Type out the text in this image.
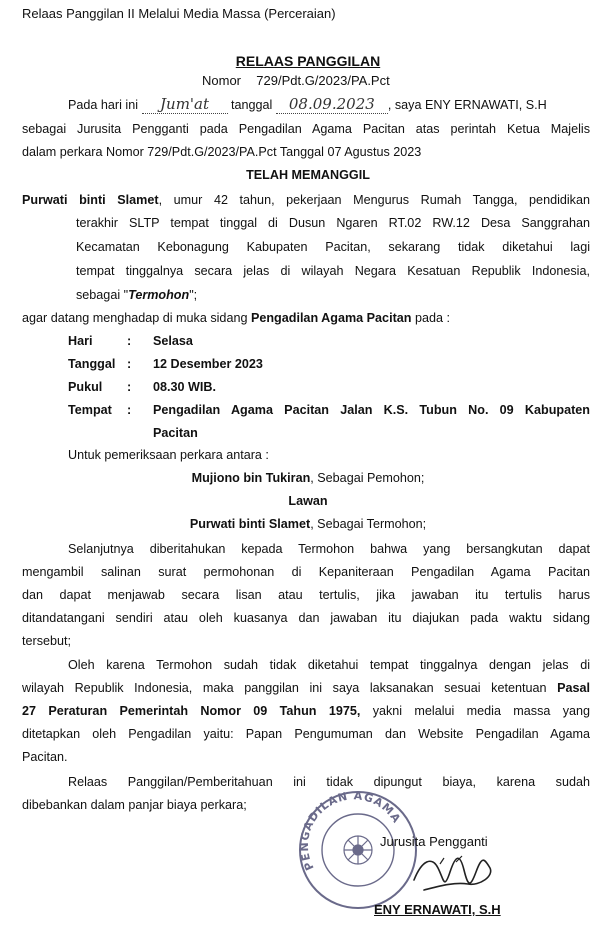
Relaas Panggilan II Melalui Media Massa (Perceraian)
RELAAS PANGGILAN
Nomor 729/Pdt.G/2023/PA.Pct
Pada hari ini Jum'at tanggal 08.09.2023 , saya ENY ERNAWATI, S.H
sebagai Jurusita Pengganti pada Pengadilan Agama Pacitan atas perintah Ketua Majelis
dalam perkara Nomor 729/Pdt.G/2023/PA.Pct Tanggal 07 Agustus 2023
TELAH MEMANGGIL
Purwati binti Slamet, umur 42 tahun, pekerjaan Mengurus Rumah Tangga, pendidikan
terakhir SLTP tempat tinggal di Dusun Ngaren RT.02 RW.12 Desa Sanggrahan
Kecamatan Kebonagung Kabupaten Pacitan, sekarang tidak diketahui lagi
tempat tinggalnya secara jelas di wilayah Negara Kesatuan Republik Indonesia,
sebagai "Termohon";
agar datang menghadap di muka sidang Pengadilan Agama Pacitan pada :
Hari	: Selasa
Tanggal : 12 Desember 2023
Pukul : 08.30 WIB.
Tempat : Pengadilan Agama Pacitan Jalan K.S. Tubun No. 09 Kabupaten
Pacitan
Untuk pemeriksaan perkara antara :
Mujiono bin Tukiran, Sebagai Pemohon;
Lawan
Purwati binti Slamet, Sebagai Termohon;
Selanjutnya diberitahukan kepada Termohon bahwa yang bersangkutan dapat
mengambil salinan surat permohonan di Kepaniteraan Pengadilan Agama Pacitan
dan dapat menjawab secara lisan atau tertulis, jika jawaban itu tertulis harus
ditandatangani sendiri atau oleh kuasanya dan jawaban itu diajukan pada waktu sidang
tersebut;
Oleh karena Termohon sudah tidak diketahui tempat tinggalnya dengan jelas di
wilayah Republik Indonesia, maka panggilan ini saya laksanakan sesuai ketentuan Pasal
27 Peraturan Pemerintah Nomor 09 Tahun 1975, yakni melalui media massa yang
ditetapkan oleh Pengadilan yaitu: Papan Pengumuman dan Website Pengadilan Agama
Pacitan.
Relaas Panggilan/Pemberitahuan ini tidak dipungut biaya, karena sudah
dibebankan dalam panjar biaya perkara;
PENGADILAN AGAMA
Jurusita Pengganti
ENY ERNAWATI, S.H
